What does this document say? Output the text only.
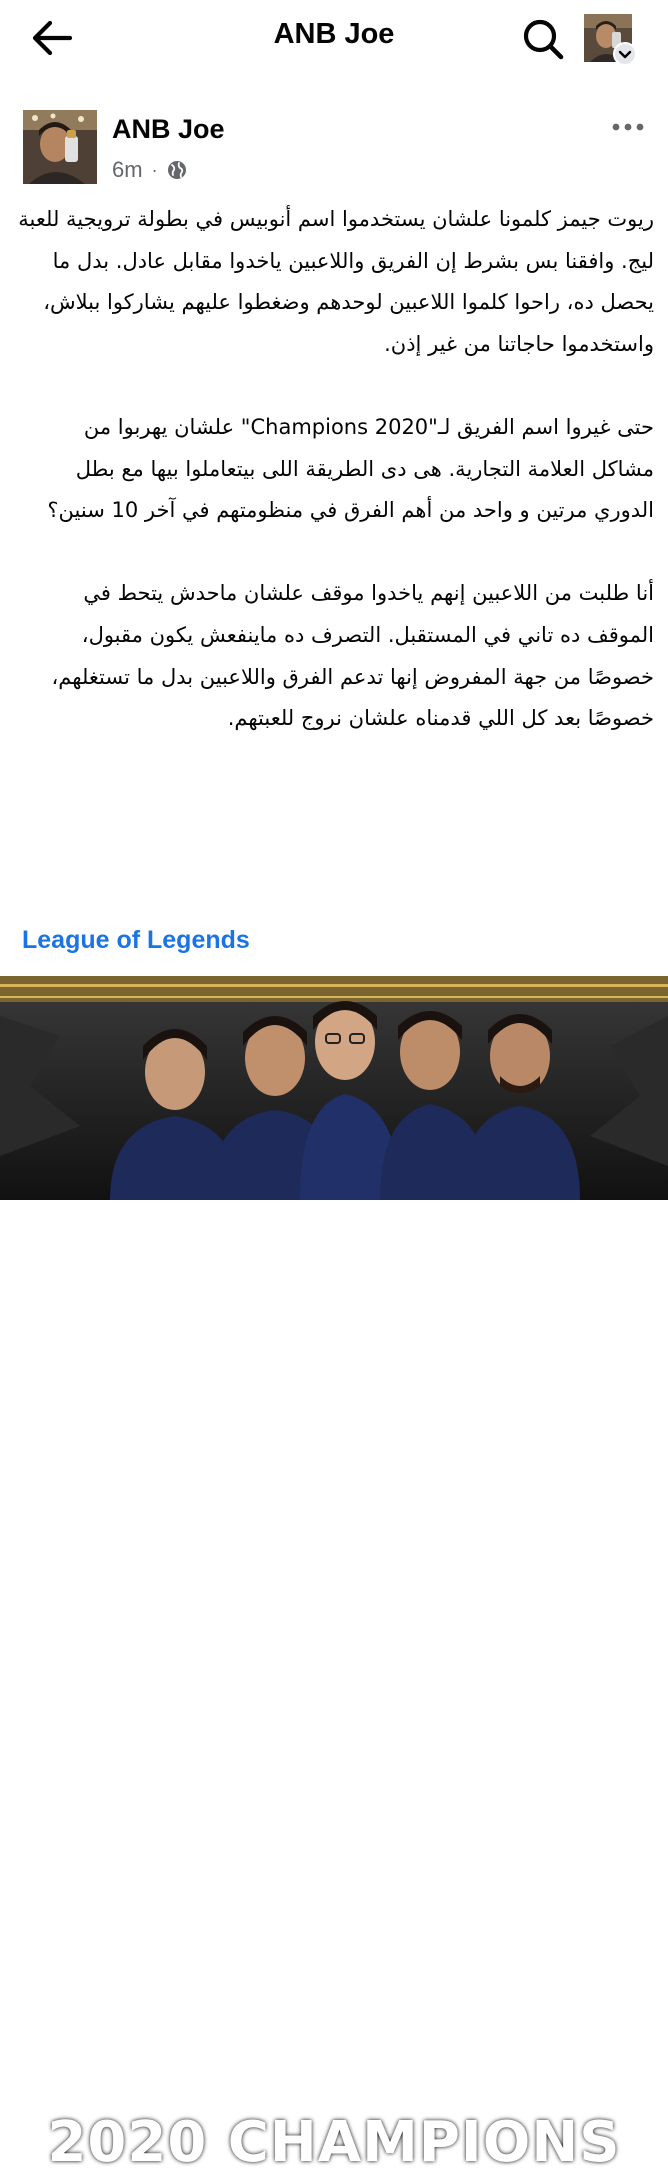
ANB Joe
ANB Joe
6m ·

ريوت جيمز كلمونا علشان يستخدموا اسم أنوبيس في بطولة ترويجية للعبة ليج. وافقنا بس بشرط إن الفريق واللاعبين ياخدوا مقابل عادل. بدل ما يحصل ده، راحوا كلموا اللاعبين لوحدهم وضغطوا عليهم يشاركوا ببلاش، واستخدموا حاجاتنا من غير إذن.

حتى غيروا اسم الفريق لـ"Champions 2020" علشان يهربوا من مشاكل العلامة التجارية. هى دى الطريقة اللى بيتعاملوا بيها مع بطل الدوري مرتين و واحد من أهم الفرق في منظومتهم في آخر 10 سنين؟

أنا طلبت من اللاعبين إنهم ياخدوا موقف علشان ماحدش يتحط في الموقف ده تاني في المستقبل. التصرف ده ماينفعش يكون مقبول، خصوصًا من جهة المفروض إنها تدعم الفرق واللاعبين بدل ما تستغلهم، خصوصًا بعد كل اللي قدمناه علشان نروج للعبتهم.

League of Legends
2020 CHAMPIONS
